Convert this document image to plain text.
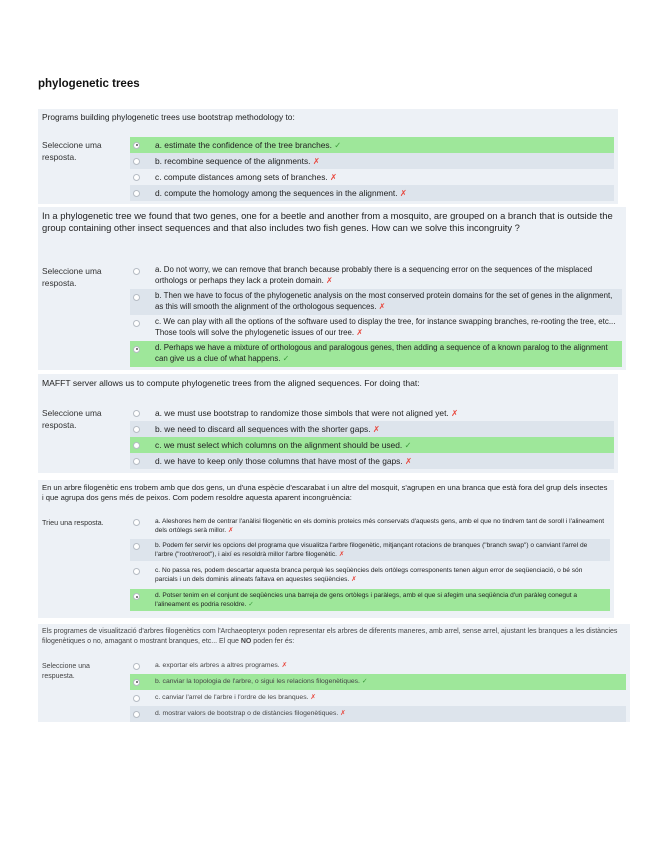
phylogenetic trees
Programs building phylogenetic trees use bootstrap methodology to:
Seleccione uma resposta.
a. estimate the confidence of the tree branches. ✓
b. recombine sequence of the alignments. ✗
c. compute distances among sets of branches. ✗
d. compute the homology among the sequences in the alignment. ✗
In a phylogenetic tree we found that two genes, one for a beetle and another from a mosquito, are grouped on a branch that is outside the group containing other insect sequences and that also includes two fish genes. How can we solve this incongruity ?
Seleccione uma resposta.
a. Do not worry, we can remove that branch because probably there is a sequencing error on the sequences of the misplaced orthologs or perhaps they lack a protein domain. ✗
b. Then we have to focus of the phylogenetic analysis on the most conserved protein domains for the set of genes in the alignment, as this will smooth the alignment of the orthologous sequences. ✗
c. We can play with all the options of the software used to display the tree, for instance swapping branches, re-rooting the tree, etc... Those tools will solve the phylogenetic issues of our tree. ✗
d. Perhaps we have a mixture of orthologous and paralogous genes, then adding a sequence of a known paralog to the alignment can give us a clue of what happens. ✓
MAFFT server allows us to compute phylogenetic trees from the aligned sequences. For doing that:
Seleccione uma resposta.
a. we must use bootstrap to randomize those simbols that were not aligned yet. ✗
b. we need to discard all sequences with the shorter gaps. ✗
c. we must select which columns on the alignment should be used. ✓
d. we have to keep only those columns that have most of the gaps. ✗
En un arbre filogenètic ens trobem amb que dos gens, un d'una espècie d'escarabat i un altre del mosquit, s'agrupen en una branca que està fora del grup dels insectes i que agrupa dos gens més de peixos. Com podem resoldre aquesta aparent incongruència:
Trieu una resposta.	a. Aleshores hem de centrar l'anàlisi filogenètic en els dominis proteics més conservats d'aquests gens, amb el que no tindrem tant de soroll i l'alineament dels ortòlegs serà millor. ✗
b. Podem fer servir les opcions del programa que visualitza l'arbre filogenètic, mitjançant rotacions de branques ("branch swap") o canviant l'arrel de l'arbre ("root/reroot"), i així es resoldrà millor l'arbre filogenètic. ✗
c. No passa res, podem descartar aquesta branca perquè les seqüències dels ortòlegs corresponents tenen algun error de seqüenciació, o bé són parcials i un dels dominis alineats faltava en aquestes seqüències. ✗
d. Potser tenim en el conjunt de seqüències una barreja de gens ortòlegs i paràlegs, amb el que si afegim una seqüència d'un paràleg conegut a l'alineament es podria resoldre. ✓
Els programes de visualització d'arbres filogenètics com l'Archaeopteryx poden representar els arbres de diferents maneres, amb arrel, sense arrel, ajustant les branques a les distàncies filogenètiques o no, amagant o mostrant branques, etc... El que NO poden fer és:
Seleccione una respuesta.
a. exportar els arbres a altres programes. ✗
b. canviar la topologia de l'arbre, o sigui les relacions filogenètiques. ✓
c. canviar l'arrel de l'arbre i l'ordre de les branques. ✗
d. mostrar valors de bootstrap o de distàncies filogenètiques. ✗
